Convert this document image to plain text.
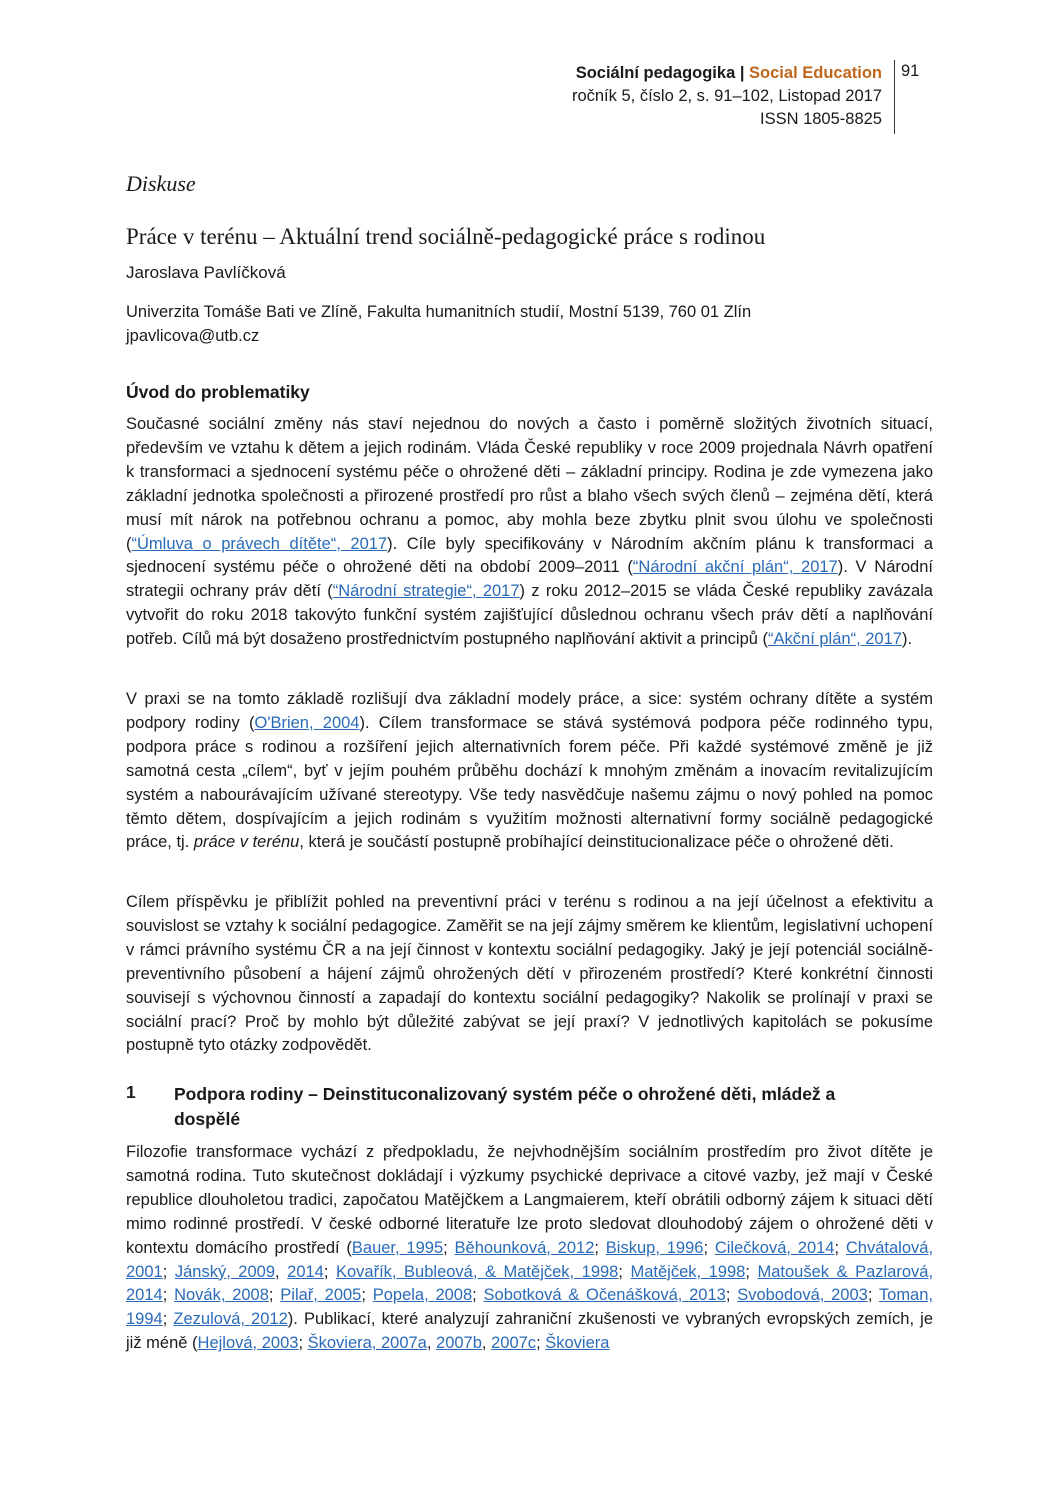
Sociální pedagogika | Social Education
ročník 5, číslo 2, s. 91–102, Listopad 2017
ISSN 1805-8825
91
Diskuse
Práce v terénu – Aktuální trend sociálně-pedagogické práce s rodinou
Jaroslava Pavlíčková
Univerzita Tomáše Bati ve Zlíně, Fakulta humanitních studií, Mostní 5139, 760 01 Zlín
jpavlicova@utb.cz
Úvod do problematiky

Současné sociální změny nás staví nejednou do nových a často i poměrně složitých životních situací, především ve vztahu k dětem a jejich rodinám. Vláda České republiky v roce 2009 projednala Návrh opatření k transformaci a sjednocení systému péče o ohrožené děti – základní principy. Rodina je zde vymezena jako základní jednotka společnosti a přirozené prostředí pro růst a blaho všech svých členů – zejména dětí, která musí mít nárok na potřebnou ochranu a pomoc, aby mohla beze zbytku plnit svou úlohu ve společnosti (“Úmluva o právech dítěte“, 2017). Cíle byly specifikovány v Národním akčním plánu k transformaci a sjednocení systému péče o ohrožené děti na období 2009–2011 (“Národní akční plán“, 2017). V Národní strategii ochrany práv dětí (“Národní strategie“, 2017) z roku 2012–2015 se vláda České republiky zavázala vytvořit do roku 2018 takovýto funkční systém zajišťující důslednou ochranu všech práv dětí a naplňování potřeb. Cílů má být dosaženo prostřednictvím postupného naplňování aktivit a principů (“Akční plán“, 2017).

V praxi se na tomto základě rozlišují dva základní modely práce, a sice: systém ochrany dítěte a systém podpory rodiny (O'Brien, 2004). Cílem transformace se stává systémová podpora péče rodinného typu, podpora práce s rodinou a rozšíření jejich alternativních forem péče. Při každé systémové změně je již samotná cesta „cílem“, byť v jejím pouhém průběhu dochází k mnohým změnám a inovacím revitalizujícím systém a nabourávajícím užívané stereotypy. Vše tedy nasvědčuje našemu zájmu o nový pohled na pomoc těmto dětem, dospívajícím a jejich rodinám s využitím možnosti alternativní formy sociálně pedagogické práce, tj. práce v terénu, která je součástí postupně probíhající deinstitucionalizace péče o ohrožené děti.

Cílem příspěvku je přiblížit pohled na preventivní práci v terénu s rodinou a na její účelnost a efektivitu a souvislost se vztahy k sociální pedagogice. Zaměřit se na její zájmy směrem ke klientům, legislativní uchopení v rámci právního systému ČR a na její činnost v kontextu sociální pedagogiky. Jaký je její potenciál sociálně-preventivního působení a hájení zájmů ohrožených dětí v přirozeném prostředí? Které konkrétní činnosti souvisejí s výchovnou činností a zapadají do kontextu sociální pedagogiky? Nakolik se prolínají v praxi se sociální prací? Proč by mohlo být důležité zabývat se její praxí? V jednotlivých kapitolách se pokusíme postupně tyto otázky zodpovědět.

1 Podpora rodiny – Deinstituconalizovaný systém péče o ohrožené děti, mládež a dospělé

Filozofie transformace vychází z předpokladu, že nejvhodnějším sociálním prostředím pro život dítěte je samotná rodina. Tuto skutečnost dokládají i výzkumy psychické deprivace a citové vazby, jež mají v České republice dlouholetou tradici, započatou Matějčkem a Langmaierem, kteří obrátili odborný zájem k situaci dětí mimo rodinné prostředí. V české odborné literatuře lze proto sledovat dlouhodobý zájem o ohrožené děti v kontextu domácího prostředí (Bauer, 1995; Běhounková, 2012; Biskup, 1996; Cilečková, 2014; Chvátalová, 2001; Jánský, 2009, 2014; Kovařík, Bubleová, & Matějček, 1998; Matějček, 1998; Matoušek & Pazlarová, 2014; Novák, 2008; Pilař, 2005; Popela, 2008; Sobotková & Očenášková, 2013; Svobodová, 2003; Toman, 1994; Zezulová, 2012). Publikací, které analyzují zahraniční zkušenosti ve vybraných evropských zemích, je již méně (Hejlová, 2003; Škoviera, 2007a, 2007b, 2007c; Škoviera
